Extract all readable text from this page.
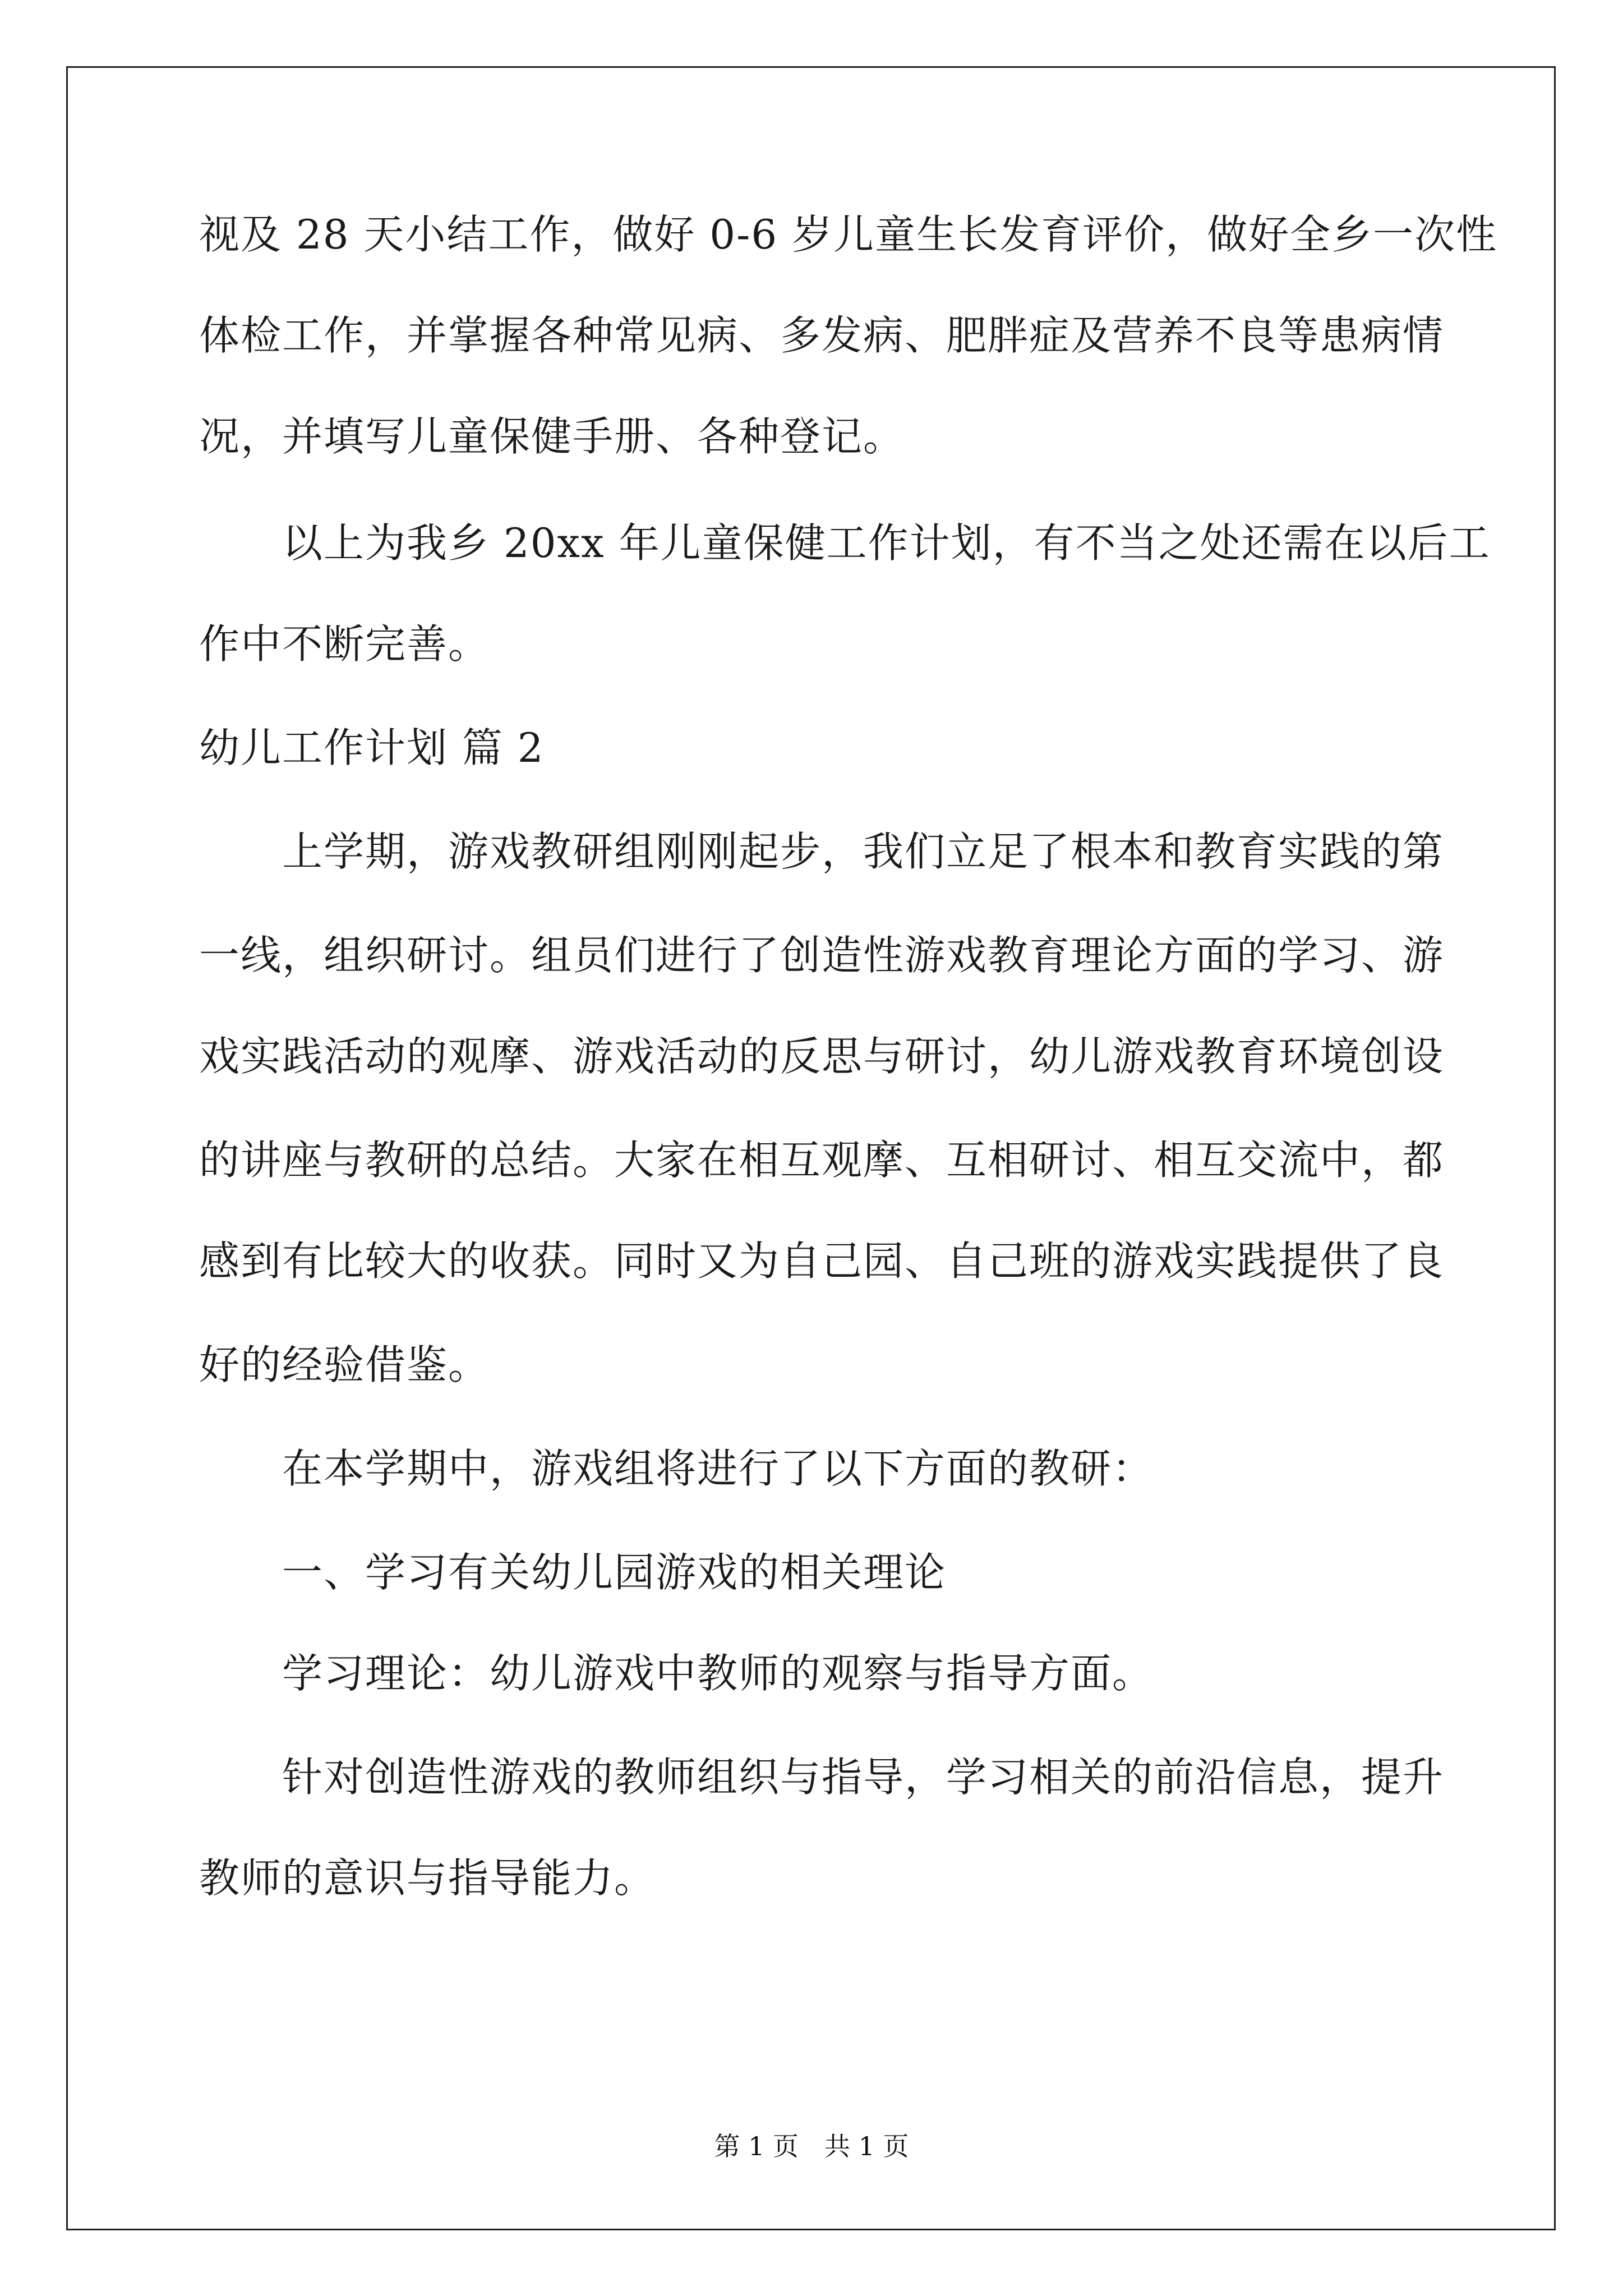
视及 28 天小结工作，做好 0-6 岁儿童生长发育评价，做好全乡一次性
体检工作，并掌握各种常见病、多发病、肥胖症及营养不良等患病情
况，并填写儿童保健手册、各种登记。
以上为我乡 20xx 年儿童保健工作计划，有不当之处还需在以后工
作中不断完善。
幼儿工作计划 篇 2
上学期，游戏教研组刚刚起步，我们立足了根本和教育实践的第
一线，组织研讨。组员们进行了创造性游戏教育理论方面的学习、游
戏实践活动的观摩、游戏活动的反思与研讨，幼儿游戏教育环境创设
的讲座与教研的总结。大家在相互观摩、互相研讨、相互交流中，都
感到有比较大的收获。同时又为自己园、自己班的游戏实践提供了良
好的经验借鉴。
在本学期中，游戏组将进行了以下方面的教研：
一、学习有关幼儿园游戏的相关理论
学习理论：幼儿游戏中教师的观察与指导方面。
针对创造性游戏的教师组织与指导，学习相关的前沿信息，提升
教师的意识与指导能力。
第 1 页　共 1 页
